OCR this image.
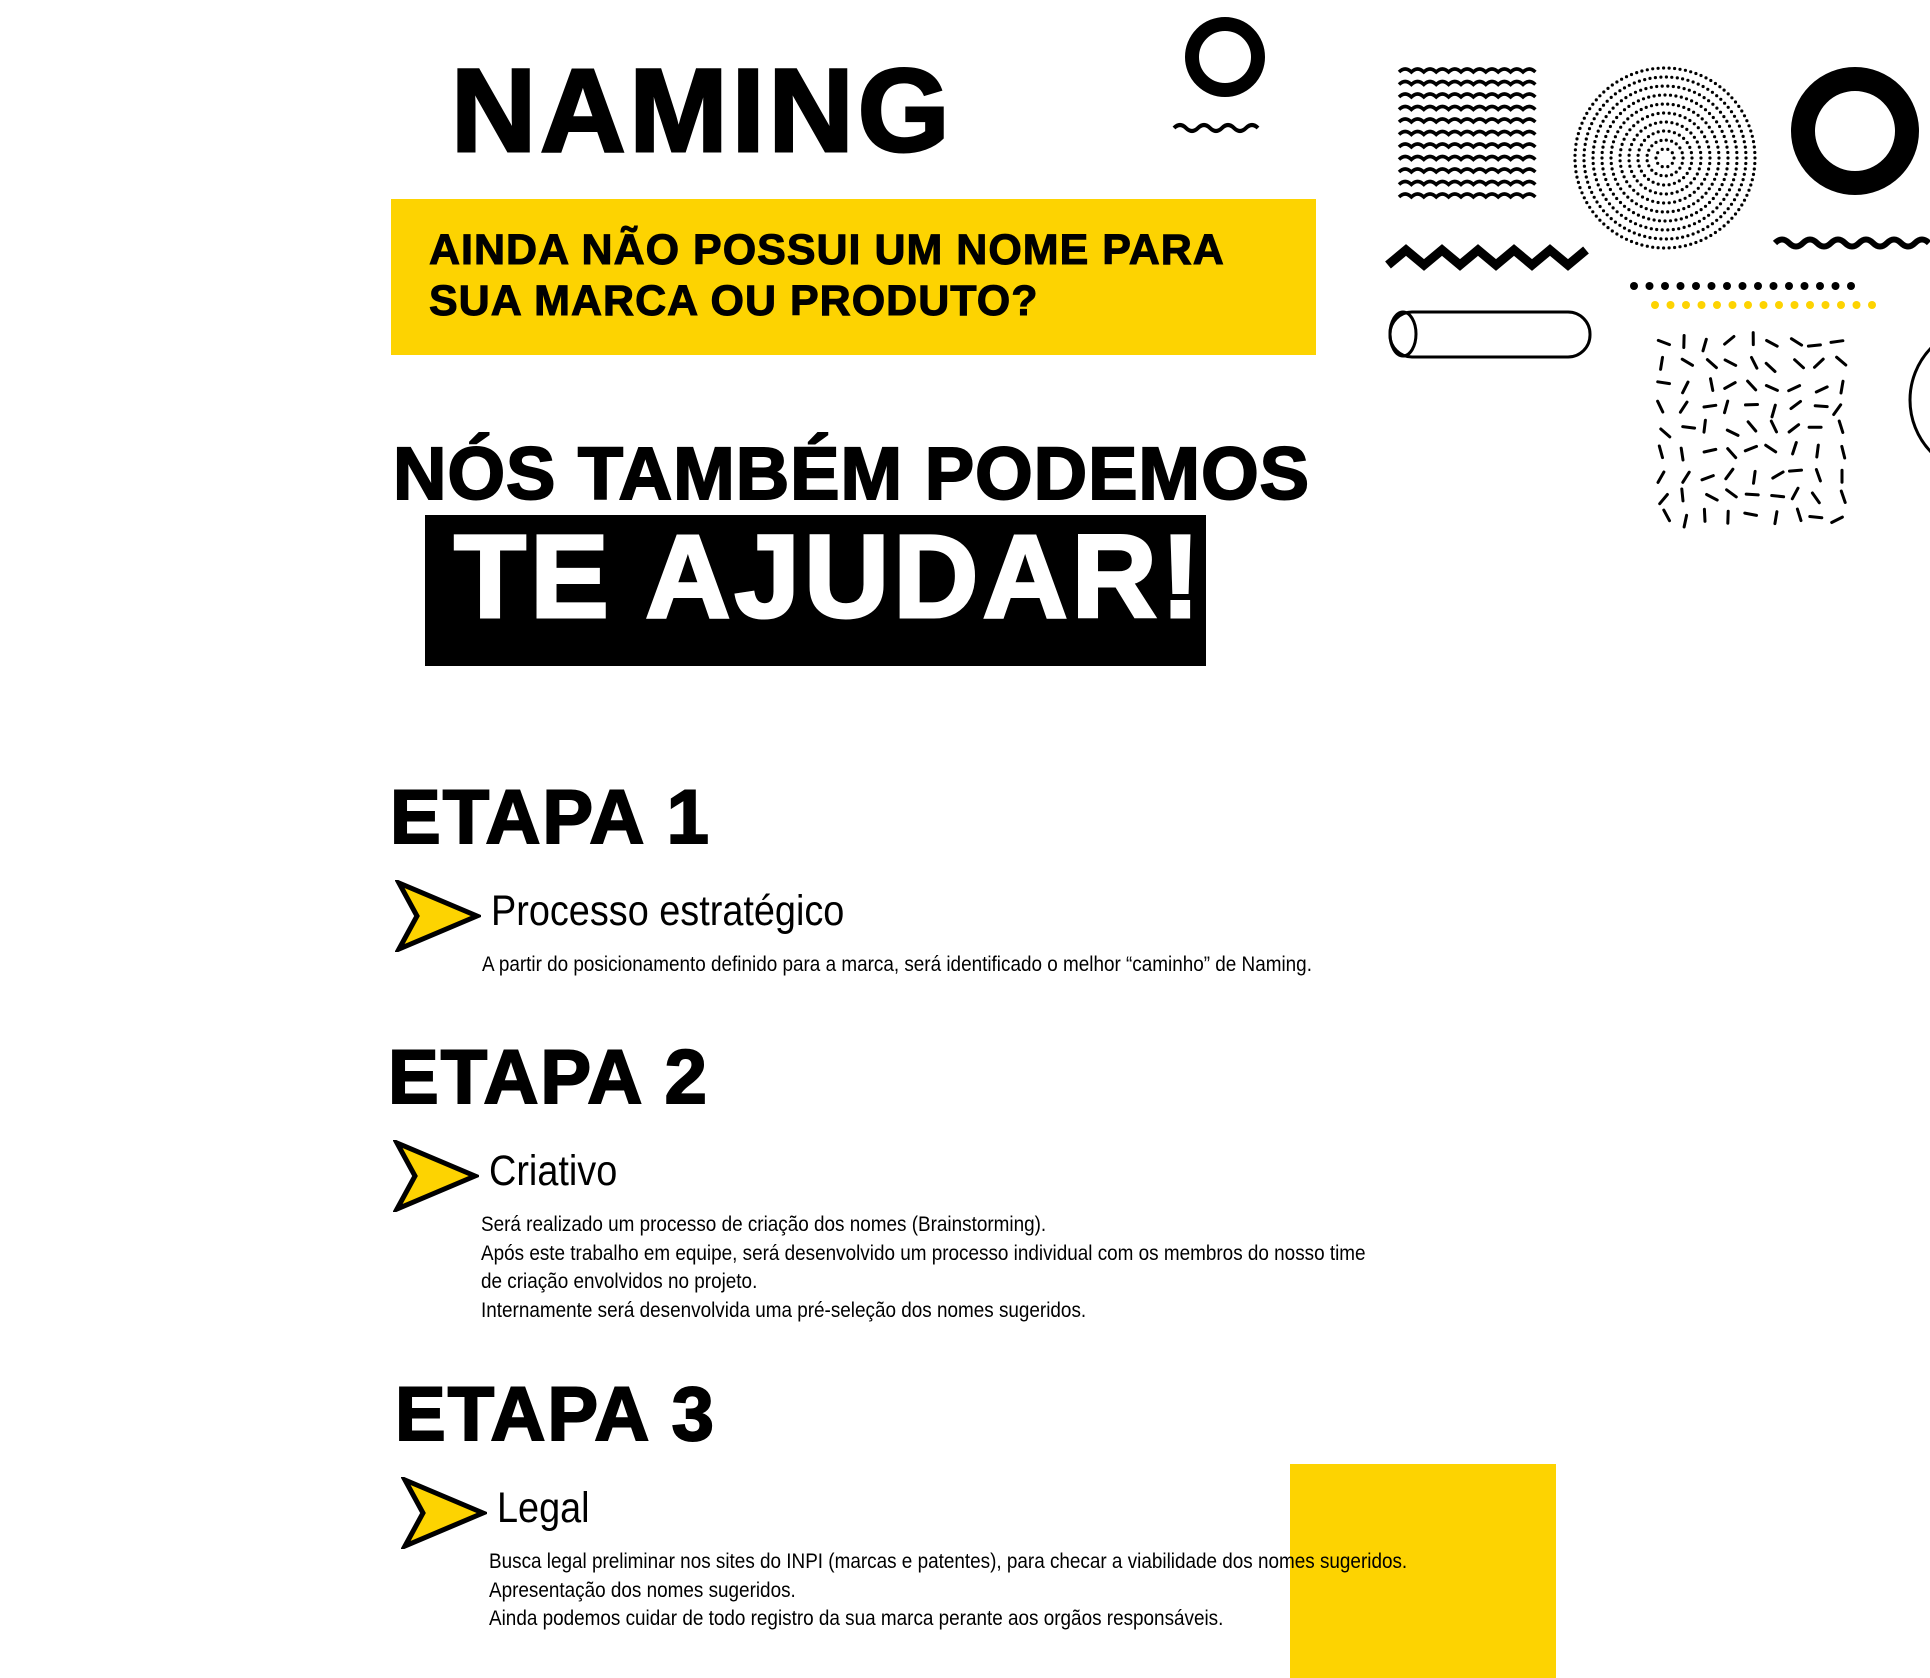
NAMING
AINDA NÃO POSSUI UM NOME PARA
SUA MARCA OU PRODUTO?
NÓS TAMBÉM PODEMOS
TE AJUDAR!
ETAPA 1
Processo estratégico
A partir do posicionamento definido para a marca, será identificado o melhor “caminho” de Naming.
ETAPA 2
Criativo
Será realizado um processo de criação dos nomes (Brainstorming).
Após este trabalho em equipe, será desenvolvido um processo individual com os membros do nosso time
de criação envolvidos no projeto.
Internamente será desenvolvida uma pré-seleção dos nomes sugeridos.
ETAPA 3
Legal
Busca legal preliminar nos sites do INPI (marcas e patentes), para checar a viabilidade dos nomes sugeridos.
Apresentação dos nomes sugeridos.
Ainda podemos cuidar de todo registro da sua marca perante aos orgãos responsáveis.
